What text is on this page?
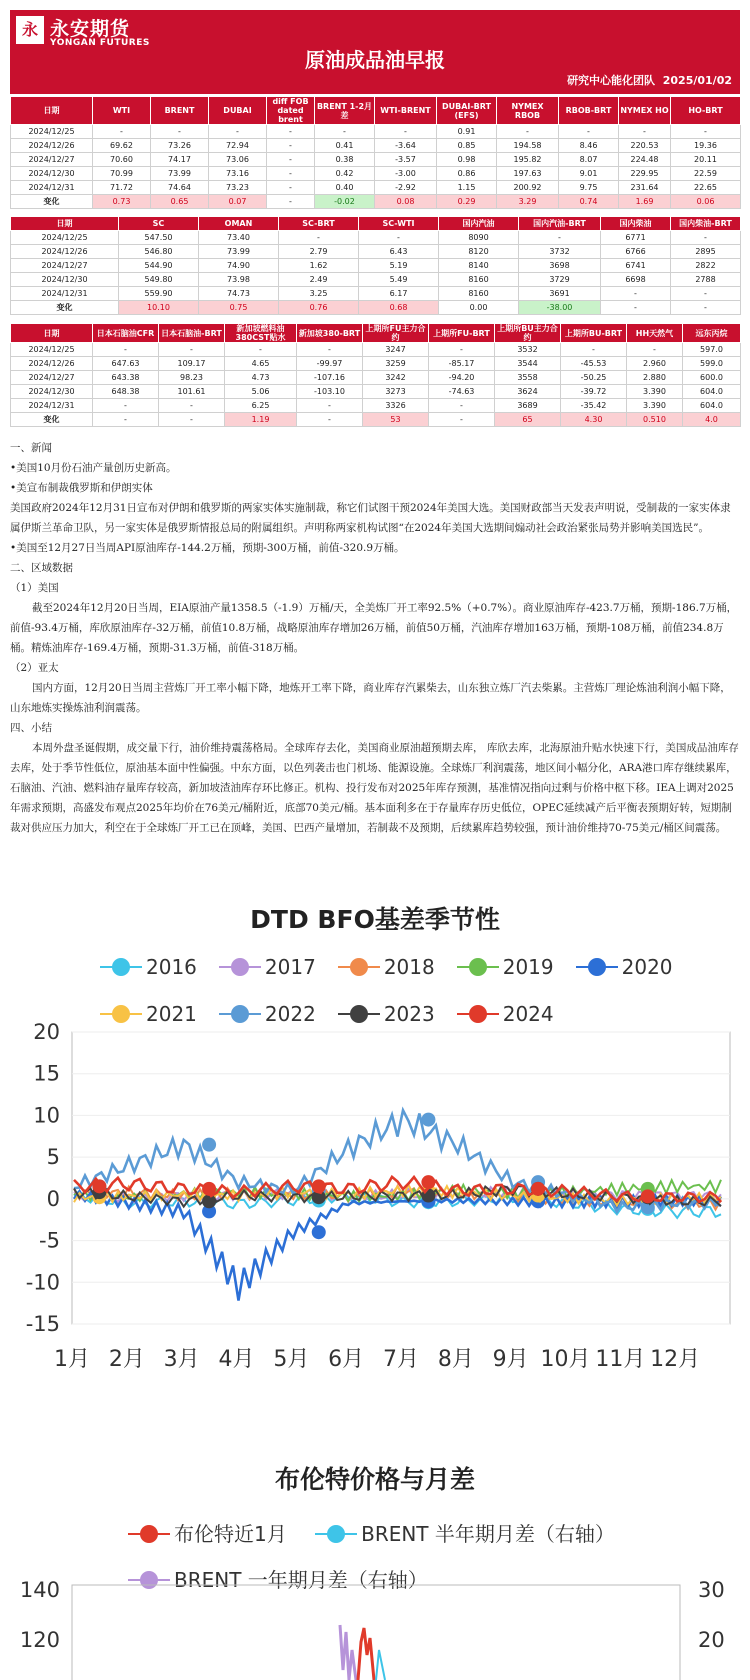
永 永安期货
YONGAN FUTURES
原油成品油早报
研究中心能化团队 2025/01/02
日期	WTI	BRENT	DUBAI	diff FOB dated brent	BRENT 1-2月差	WTI-BRENT	DUBAI-BRT (EFS)	NYMEX RBOB	RBOB-BRT	NYMEX HO	HO-BRT
2024/12/25	-	-	-	-	-	-	0.91	-	-	-	-
2024/12/26	69.62	73.26	72.94	-	0.41	-3.64	0.85	194.58	8.46	220.53	19.36
2024/12/27	70.60	74.17	73.06	-	0.38	-3.57	0.98	195.82	8.07	224.48	20.11
2024/12/30	70.99	73.99	73.16	-	0.42	-3.00	0.86	197.63	9.01	229.95	22.59
2024/12/31	71.72	74.64	73.23	-	0.40	-2.92	1.15	200.92	9.75	231.64	22.65
变化	0.73	0.65	0.07	-	-0.02	0.08	0.29	3.29	0.74	1.69	0.06
日期	SC	OMAN	SC-BRT	SC-WTI	国内汽油	国内汽油-BRT	国内柴油	国内柴油-BRT
2024/12/25	547.50	73.40	-	-	8090	-	6771	-
2024/12/26	546.80	73.99	2.79	6.43	8120	3732	6766	2895
2024/12/27	544.90	74.90	1.62	5.19	8140	3698	6741	2822
2024/12/30	549.80	73.98	2.49	5.49	8160	3729	6698	2788
2024/12/31	559.90	74.73	3.25	6.17	8160	3691	-	-
变化	10.10	0.75	0.76	0.68	0.00	-38.00	-	-
日期	日本石脑油CFR	日本石脑油-BRT	新加坡燃料油380CST贴水	新加坡380-BRT	上期所FU主力合约	上期所FU-BRT	上期所BU主力合约	上期所BU-BRT	HH天然气	远东丙烷
2024/12/25	-	-	-	-	3247	-	3532	-	-	597.0
2024/12/26	647.63	109.17	4.65	-99.97	3259	-85.17	3544	-45.53	2.960	599.0
2024/12/27	643.38	98.23	4.73	-107.16	3242	-94.20	3558	-50.25	2.880	600.0
2024/12/30	648.38	101.61	5.06	-103.10	3273	-74.63	3624	-39.72	3.390	604.0
2024/12/31	-	-	6.25	-	3326	-	3689	-35.42	3.390	604.0
变化	-	-	1.19	-	53	-	65	4.30	0.510	4.0
一、新闻
•美国10月份石油产量创历史新高。
•美宣布制裁俄罗斯和伊朗实体
美国政府2024年12月31日宣布对伊朗和俄罗斯的两家实体实施制裁，称它们试图干预2024年美国大选。美国财政部当天发表声明说，受制裁的一家实体隶属伊斯兰革命卫队，另一家实体是俄罗斯情报总局的附属组织。声明称两家机构试图“在2024年美国大选期间煽动社会政治紧张局势并影响美国选民”。
•美国至12月27日当周API原油库存-144.2万桶，预期-300万桶，前值-320.9万桶。
二、区域数据
（1）美国
截至2024年12月20日当周，EIA原油产量1358.5（-1.9）万桶/天，全美炼厂开工率92.5%（+0.7%）。商业原油库存-423.7万桶，预期-186.7万桶，前值-93.4万桶，库欣原油库存-32万桶，前值10.8万桶，战略原油库存增加26万桶，前值50万桶，汽油库存增加163万桶，预期-108万桶，前值234.8万桶。精炼油库存-169.4万桶，预期-31.3万桶，前值-318万桶。
（2）亚太
国内方面，12月20日当周主营炼厂开工率小幅下降，地炼开工率下降，商业库存汽累柴去，山东独立炼厂汽去柴累。主营炼厂理论炼油利润小幅下降，山东地炼实操炼油利润震荡。
四、小结
本周外盘圣诞假期，成交量下行，油价维持震荡格局。全球库存去化，美国商业原油超预期去库， 库欣去库，北海原油升贴水快速下行，美国成品油库存去库，处于季节性低位，原油基本面中性偏强。中东方面，以色列袭击也门机场、能源设施。全球炼厂利润震荡，地区间小幅分化，ARA港口库存继续累库，石脑油、汽油、燃料油存量库存较高，新加坡渣油库存环比修正。机构、投行发布对2025年库存预测，基准情况指向过剩与价格中枢下移。IEA上调对2025年需求预期，高盛发布观点2025年均价在76美元/桶附近，底部70美元/桶。基本面利多在于存量库存历史低位，OPEC延续减产后平衡表预期好转，短期制裁对供应压力加大，利空在于全球炼厂开工已在顶峰，美国、巴西产量增加，若制裁不及预期，后续累库趋势较强，预计油价维持70-75美元/桶区间震荡。
DTD BFO基差季节性
2016	2017	2018	2019	2020
2021	2022	2023	2024
20
15
10
5
0
-5
-10
-15
1月 2月 3月 4月 5月 6月 7月 8月 9月 10月 11月 12月
布伦特价格与月差
布伦特近1月	BRENT 半年期月差（右轴）
BRENT 一年期月差（右轴）
140
120
30
20
